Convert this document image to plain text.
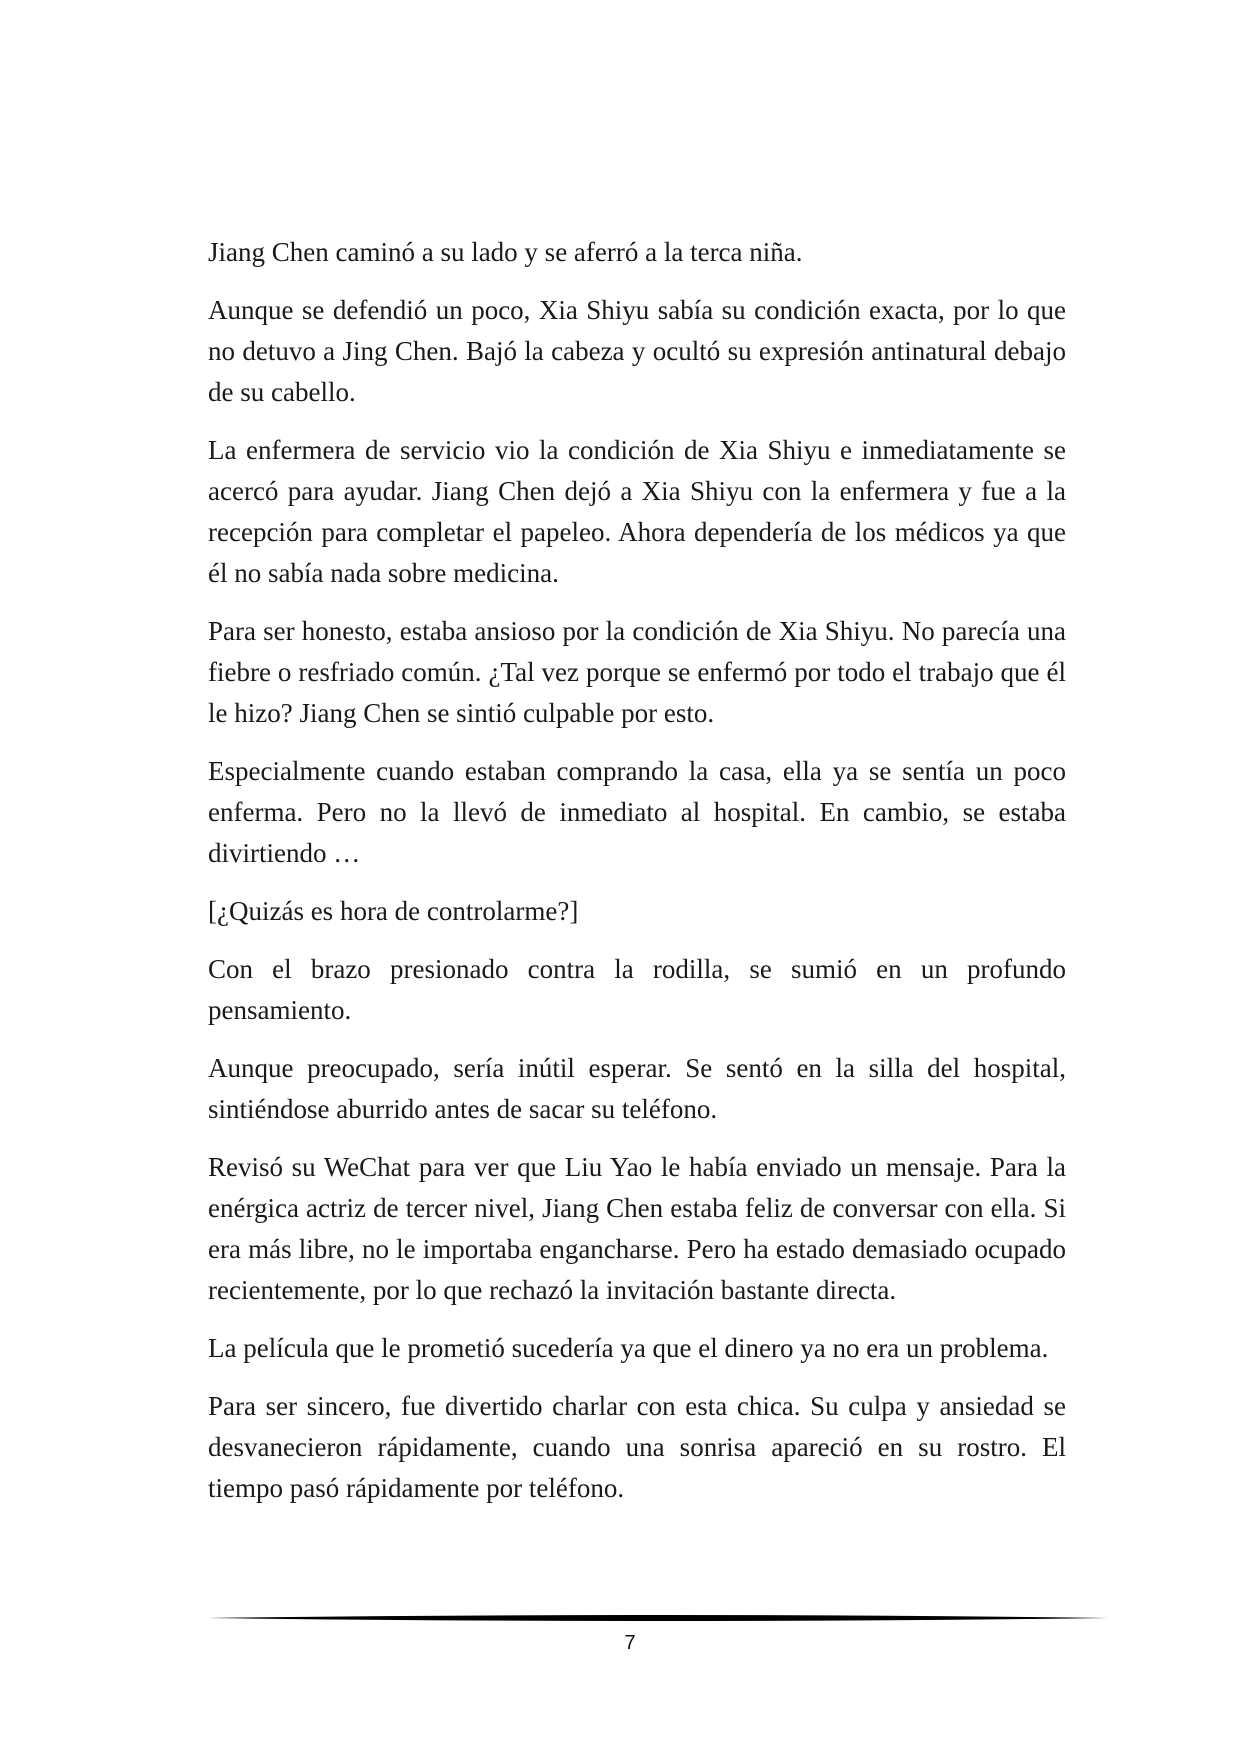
Jiang Chen caminó a su lado y se aferró a la terca niña.

Aunque se defendió un poco, Xia Shiyu sabía su condición exacta, por lo que no detuvo a Jing Chen. Bajó la cabeza y ocultó su expresión antinatural debajo de su cabello.

La enfermera de servicio vio la condición de Xia Shiyu e inmediatamente se acercó para ayudar. Jiang Chen dejó a Xia Shiyu con la enfermera y fue a la recepción para completar el papeleo. Ahora dependería de los médicos ya que él no sabía nada sobre medicina.

Para ser honesto, estaba ansioso por la condición de Xia Shiyu. No parecía una fiebre o resfriado común. ¿Tal vez porque se enfermó por todo el trabajo que él le hizo? Jiang Chen se sintió culpable por esto.

Especialmente cuando estaban comprando la casa, ella ya se sentía un poco enferma. Pero no la llevó de inmediato al hospital. En cambio, se estaba divirtiendo …

[¿Quizás es hora de controlarme?]

Con el brazo presionado contra la rodilla, se sumió en un profundo pensamiento.

Aunque preocupado, sería inútil esperar. Se sentó en la silla del hospital, sintiéndose aburrido antes de sacar su teléfono.

Revisó su WeChat para ver que Liu Yao le había enviado un mensaje. Para la enérgica actriz de tercer nivel, Jiang Chen estaba feliz de conversar con ella. Si era más libre, no le importaba engancharse. Pero ha estado demasiado ocupado recientemente, por lo que rechazó la invitación bastante directa.

La película que le prometió sucedería ya que el dinero ya no era un problema.

Para ser sincero, fue divertido charlar con esta chica. Su culpa y ansiedad se desvanecieron rápidamente, cuando una sonrisa apareció en su rostro. El tiempo pasó rápidamente por teléfono.

7
